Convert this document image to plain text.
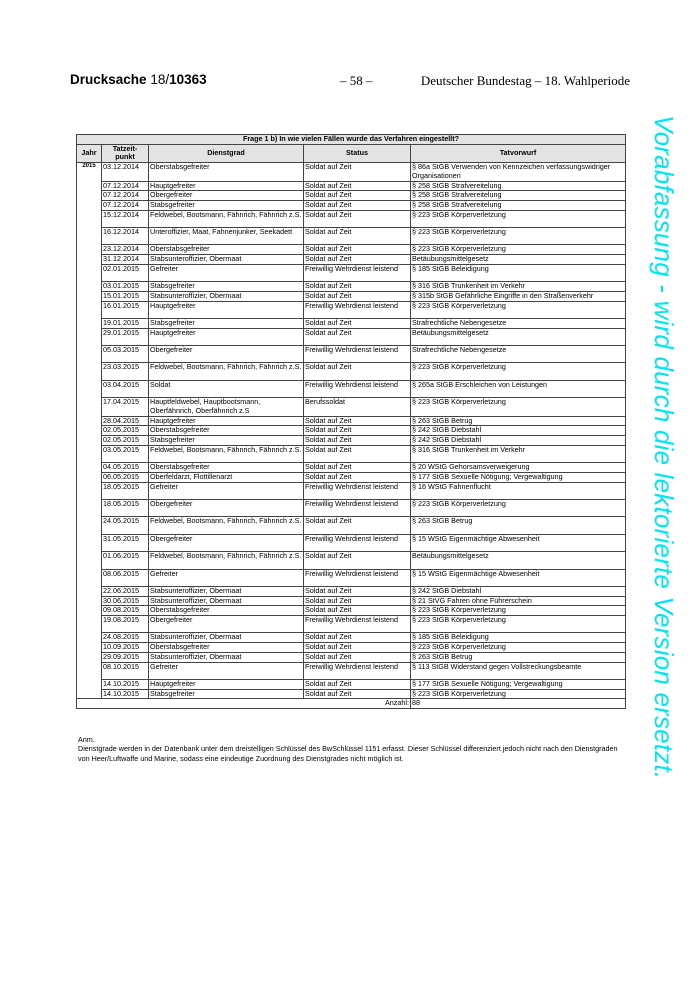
Drucksache 18/10363	– 58 –	Deutscher Bundestag – 18. Wahlperiode
Vorabfassung - wird durch die lektorierte Version ersetzt.
Frage 1 b) In wie vielen Fällen wurde das Verfahren eingestellt?				
Jahr	Tatzeit-punkt	Dienstgrad	Status	Tatvorwurf
2015	03.12.2014	Oberstabsgefreiter	Soldat auf Zeit	§ 86a StGB Verwenden von Kennzeichen verfassungswidriger Organisationen
	07.12.2014	Hauptgefreiter	Soldat auf Zeit	§ 258 StGB Strafvereitelung
	07.12.2014	Obergefreiter	Soldat auf Zeit	§ 258 StGB Strafvereitelung
	07.12.2014	Stabsgefreiter	Soldat auf Zeit	§ 258 StGB Strafvereitelung
	15.12.2014	Feldwebel, Bootsmann, Fähnrich, Fähnrich z.S.	Soldat auf Zeit	§ 223 StGB Körperverletzung
	16.12.2014	Unteroffizier, Maat, Fahnenjunker, Seekadett	Soldat auf Zeit	§ 223 StGB Körperverletzung
	23.12.2014	Oberstabsgefreiter	Soldat auf Zeit	§ 223 StGB Körperverletzung
	31.12.2014	Stabsunteroffizier, Obermaat	Soldat auf Zeit	Betäubungsmittelgesetz
	02.01.2015	Gefreiter	Freiwillig Wehrdienst leistend	§ 185 StGB Beleidigung
	03.01.2015	Stabsgefreiter	Soldat auf Zeit	§ 316 StGB Trunkenheit im Verkehr
	15.01.2015	Stabsunteroffizier, Obermaat	Soldat auf Zeit	§ 315b StGB Gefährliche Eingriffe in den Straßenverkehr
	16.01.2015	Hauptgefreiter	Freiwillig Wehrdienst leistend	§ 223 StGB Körperverletzung
	19.01.2015	Stabsgefreiter	Soldat auf Zeit	Strafrechtliche Nebengesetze
	29.01.2015	Hauptgefreiter	Soldat auf Zeit	Betäubungsmittelgesetz
	05.03.2015	Obergefreiter	Freiwillig Wehrdienst leistend	Strafrechtliche Nebengesetze
	23.03.2015	Feldwebel, Bootsmann, Fähnrich, Fähnrich z.S.	Soldat auf Zeit	§ 223 StGB Körperverletzung
	03.04.2015	Soldat	Freiwillig Wehrdienst leistend	§ 265a StGB Erschleichen von Leistungen
	17.04.2015	Hauptfeldwebel, Hauptbootsmann, Oberfähnrich, Oberfähnrich z.S	Berufssoldat	§ 223 StGB Körperverletzung
	28.04.2015	Hauptgefreiter	Soldat auf Zeit	§ 263 StGB Betrug
	02.05.2015	Oberstabsgefreiter	Soldat auf Zeit	§ 242 StGB Diebstahl
	02.05.2015	Stabsgefreiter	Soldat auf Zeit	§ 242 StGB Diebstahl
	03.05.2015	Feldwebel, Bootsmann, Fähnrich, Fähnrich z.S.	Soldat auf Zeit	§ 316 StGB Trunkenheit im Verkehr
	04.05.2015	Oberstabsgefreiter	Soldat auf Zeit	§ 20 WStG Gehorsamsverweigerung
	06.05.2015	Oberfeldarzt, Flottillenarzt	Soldat auf Zeit	§ 177 StGB Sexuelle Nötigung; Vergewaltigung
	18.05.2015	Gefreiter	Freiwillig Wehrdienst leistend	§ 16 WStG Fahnenflucht
	18.05.2015	Obergefreiter	Freiwillig Wehrdienst leistend	§ 223 StGB Körperverletzung
	24.05.2015	Feldwebel, Bootsmann, Fähnrich, Fähnrich z.S.	Soldat auf Zeit	§ 263 StGB Betrug
	31.05.2015	Obergefreiter	Freiwillig Wehrdienst leistend	§ 15 WStG Eigenmächtige Abwesenheit
	01.06.2015	Feldwebel, Bootsmann, Fähnrich, Fähnrich z.S.	Soldat auf Zeit	Betäubungsmittelgesetz
	08.06.2015	Gefreiter	Freiwillig Wehrdienst leistend	§ 15 WStG Eigenmächtige Abwesenheit
	22.06.2015	Stabsunteroffizier, Obermaat	Soldat auf Zeit	§ 242 StGB Diebstahl
	30.06.2015	Stabsunteroffizier, Obermaat	Soldat auf Zeit	§ 21 StVG Fahren ohne Führerschein
	09.08.2015	Oberstabsgefreiter	Soldat auf Zeit	§ 223 StGB Körperverletzung
	19.08.2015	Obergefreiter	Freiwillig Wehrdienst leistend	§ 223 StGB Körperverletzung
	24.08.2015	Stabsunteroffizier, Obermaat	Soldat auf Zeit	§ 185 StGB Beleidigung
	10.09.2015	Oberstabsgefreiter	Soldat auf Zeit	§ 223 StGB Körperverletzung
	29.09.2015	Stabsunteroffizier, Obermaat	Soldat auf Zeit	§ 263 StGB Betrug
	08.10.2015	Gefreiter	Freiwillig Wehrdienst leistend	§ 113 StGB Widerstand gegen Vollstreckungsbeamte
	14.10.2015	Hauptgefreiter	Soldat auf Zeit	§ 177 StGB Sexuelle Nötigung; Vergewaltigung
	14.10.2015	Stabsgefreiter	Soldat auf Zeit	§ 223 StGB Körperverletzung
Anzahl:				88
Anm.
Dienstgrade werden in der Datenbank unter dem dreistelligen Schlüssel des BwSchlüssel 1151 erfasst. Dieser Schlüssel differenziert jedoch nicht nach den Dienstgraden von Heer/Luftwaffe und Marine, sodass eine eindeutige Zuordnung des Dienstgrades nicht möglich ist.
